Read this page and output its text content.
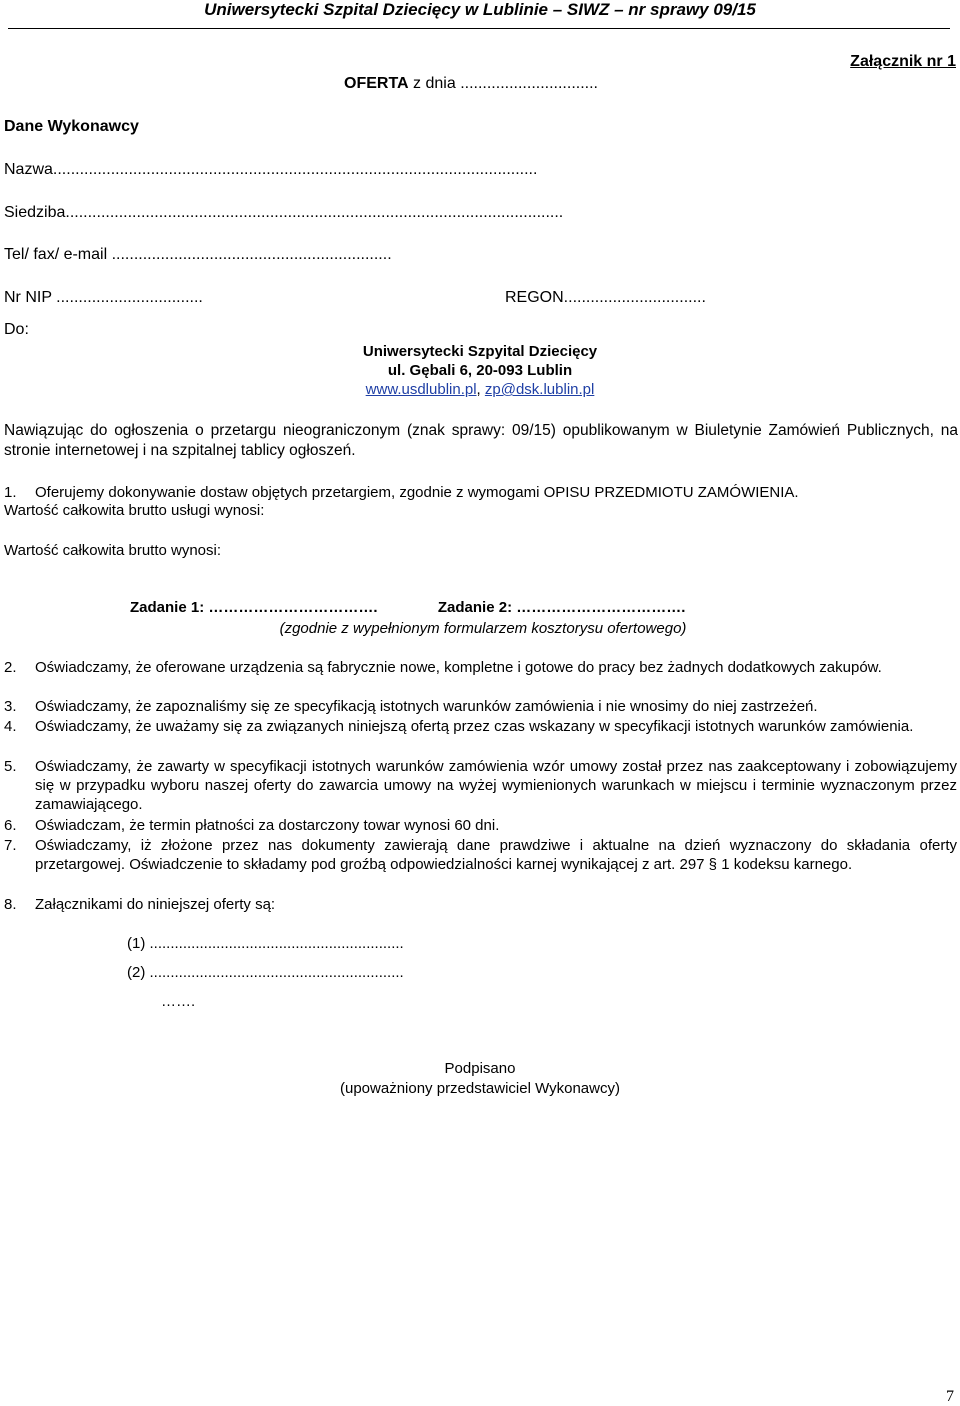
Uniwersytecki Szpital Dziecięcy w Lublinie – SIWZ – nr sprawy 09/15
Załącznik nr 1
OFERTA z dnia ...............................
Dane Wykonawcy
Nazwa.............................................................................................................
Siedziba................................................................................................................
Tel/ fax/ e-mail ...............................................................
Nr NIP .................................	REGON................................
Do:
Uniwersytecki Szpyital Dziecięcy
ul. Gębali 6, 20-093 Lublin
www.usdlublin.pl, zp@dsk.lublin.pl
Nawiązując do ogłoszenia o przetargu nieograniczonym (znak sprawy: 09/15) opublikowanym w Biuletynie Zamówień Publicznych, na stronie internetowej i na szpitalnej tablicy ogłoszeń.
1. Oferujemy dokonywanie dostaw objętych przetargiem, zgodnie z wymogami OPISU PRZEDMIOTU ZAMÓWIENIA.
Wartość całkowita brutto usługi wynosi:
Wartość całkowita brutto wynosi:
Zadanie 1: …………………………….	Zadanie 2: …………………………….
(zgodnie z wypełnionym formularzem kosztorysu ofertowego)
2. Oświadczamy, że oferowane urządzenia są fabrycznie nowe, kompletne i gotowe do pracy bez żadnych dodatkowych zakupów.
3. Oświadczamy, że zapoznaliśmy się ze specyfikacją istotnych warunków zamówienia i nie wnosimy do niej zastrzeżeń.
4. Oświadczamy, że uważamy się za związanych niniejszą ofertą przez czas wskazany w specyfikacji istotnych warunków zamówienia.
5. Oświadczamy, że zawarty w specyfikacji istotnych warunków zamówienia wzór umowy został przez nas zaakceptowany i zobowiązujemy się w przypadku wyboru naszej oferty do zawarcia umowy na wyżej wymienionych warunkach w miejscu i terminie wyznaczonym przez zamawiającego.
6. Oświadczam, że termin płatności za dostarczony towar wynosi 60 dni.
7. Oświadczamy, iż złożone przez nas dokumenty zawierają dane prawdziwe i aktualne na dzień wyznaczony do składania oferty przetargowej. Oświadczenie to składamy pod groźbą odpowiedzialności karnej wynikającej z art. 297 § 1 kodeksu karnego.
8. Załącznikami do niniejszej oferty są:
(1) .............................................................
(2) .............................................................
…….
Podpisano
(upoważniony przedstawiciel Wykonawcy)
7
